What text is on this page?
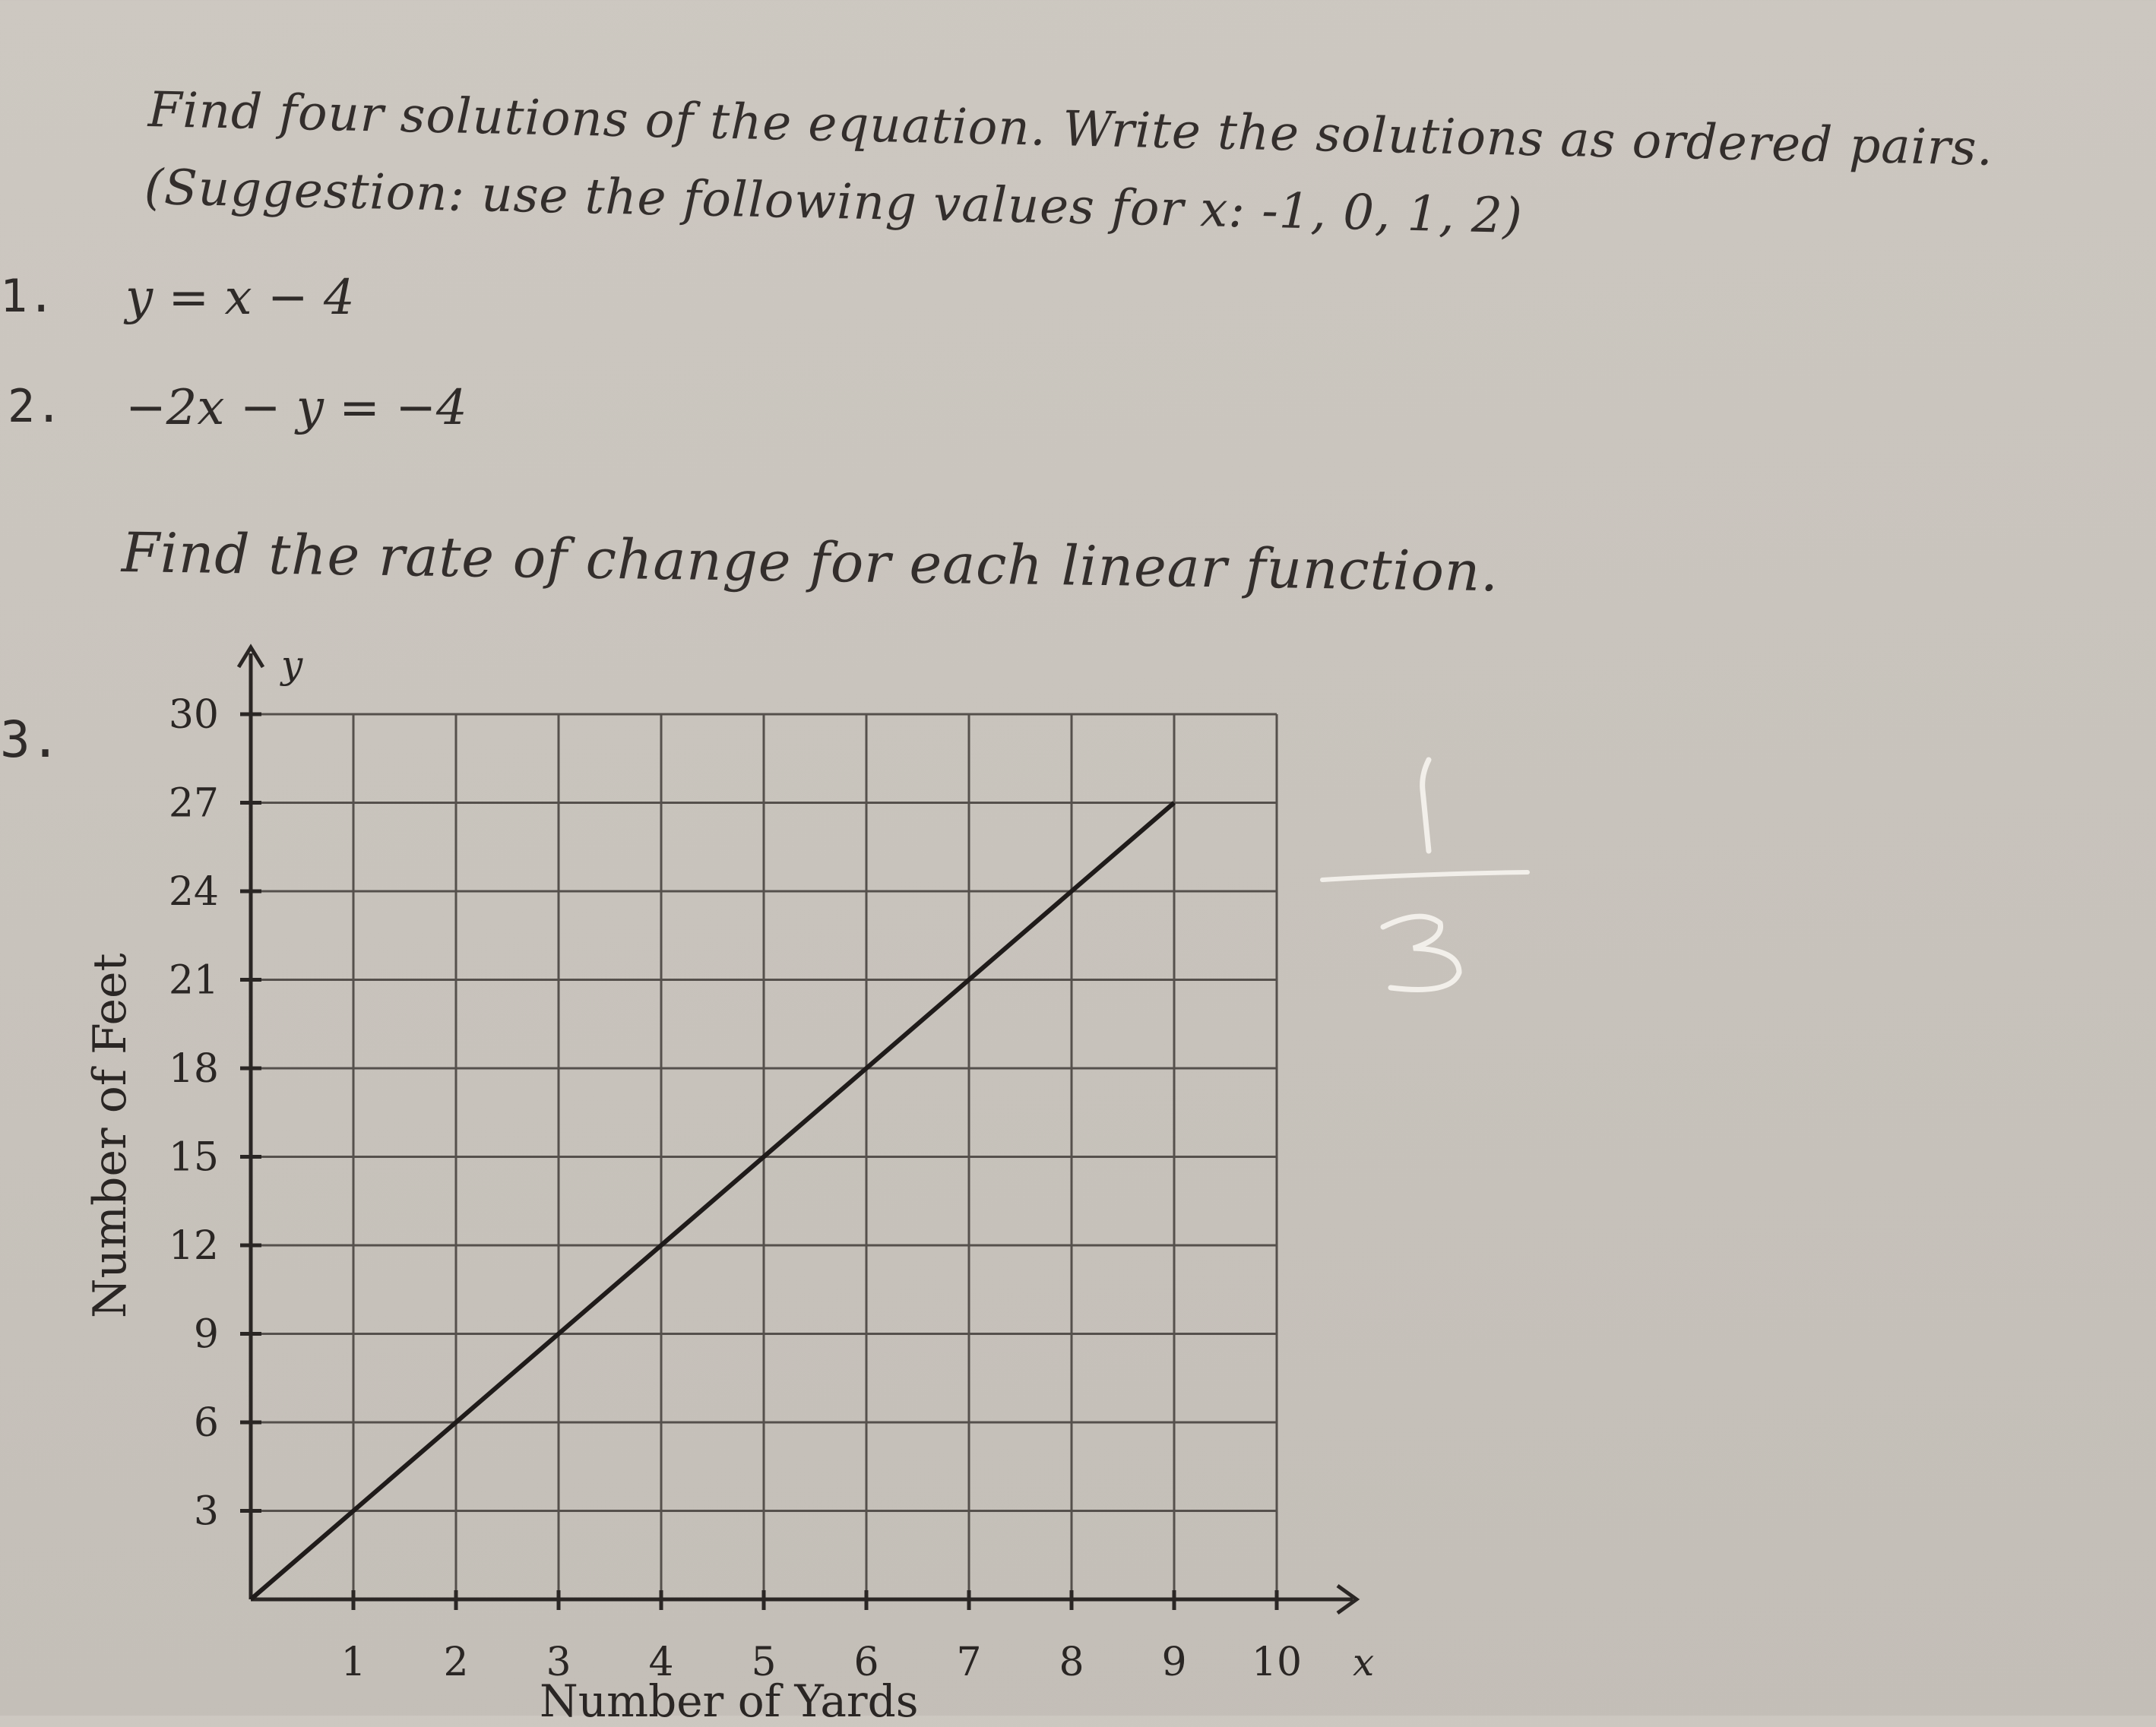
Find four solutions of the equation. Write the solutions as ordered pairs.
(Suggestion: use the following values for x: -1, 0, 1, 2)
1. y = x − 4
2. −2x − y = −4
Find the rate of change for each linear function.
3.
1 2 3 4 5 6 7 8 9 10
3
6
9
12
15
18
21
24
27
30
x
y
Number of Feet
Number of Yards
